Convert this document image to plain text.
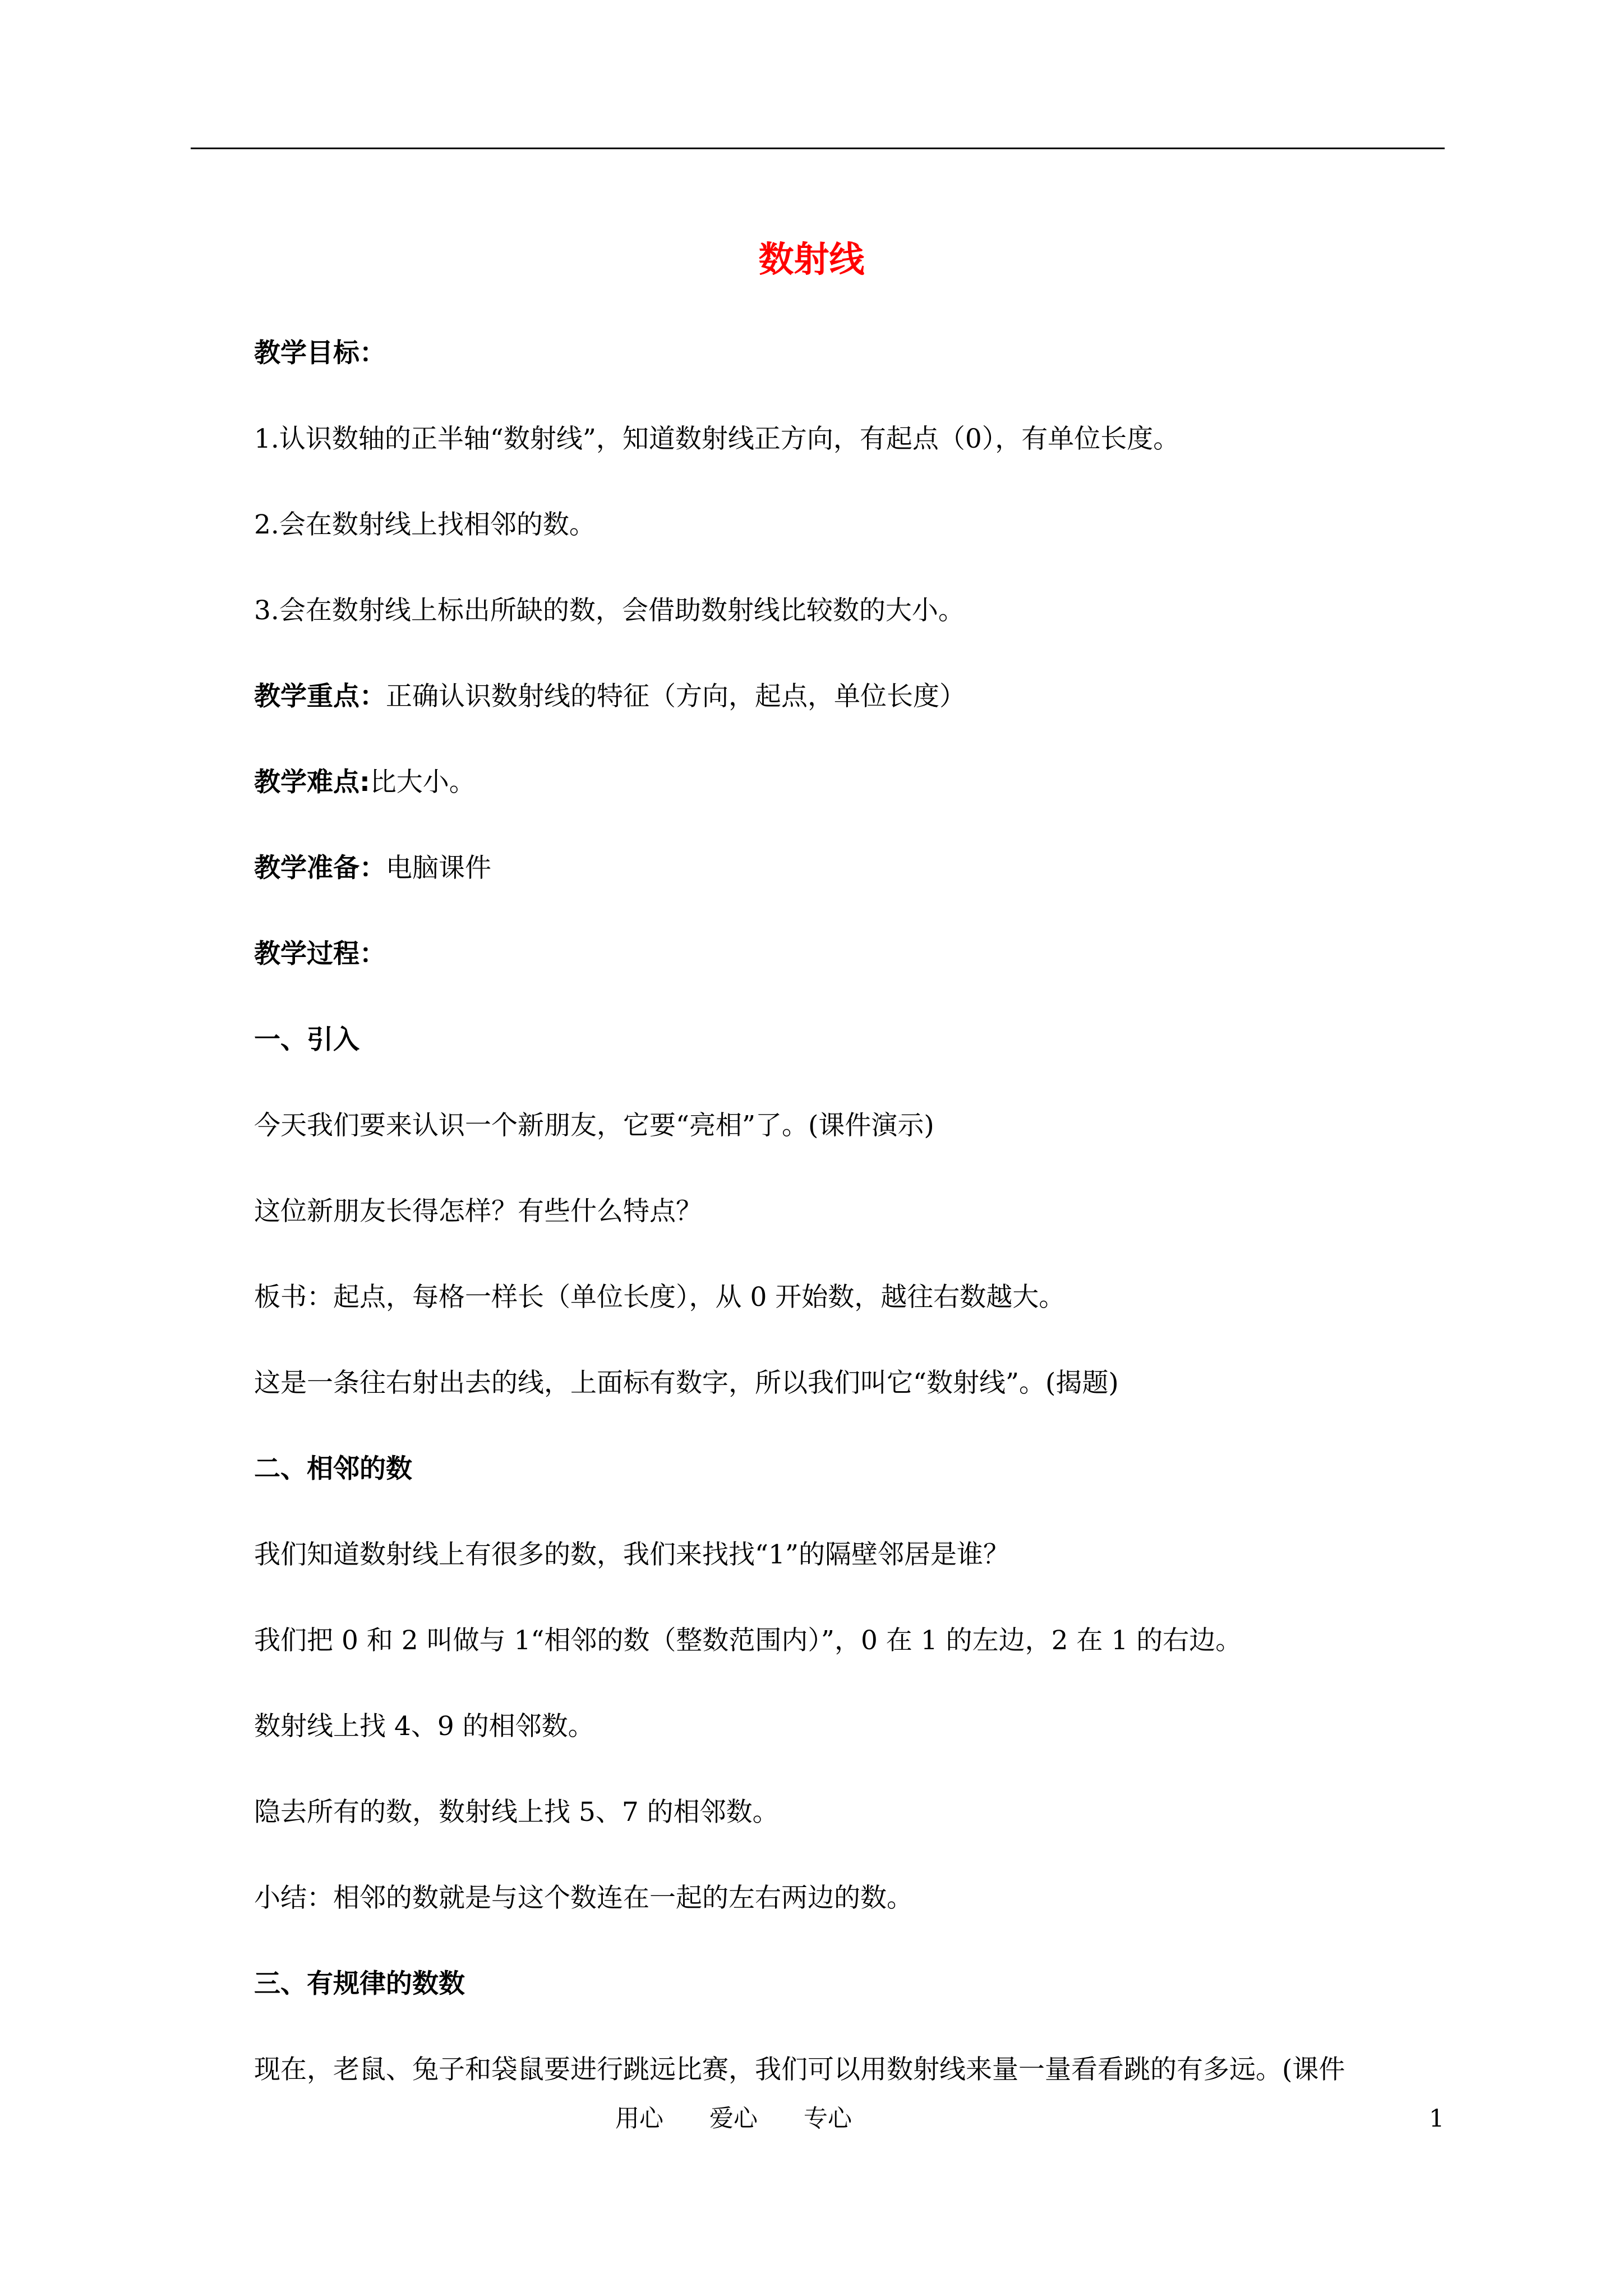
数射线
教学目标：
1.认识数轴的正半轴“数射线”，知道数射线正方向，有起点（0），有单位长度。
2.会在数射线上找相邻的数。
3.会在数射线上标出所缺的数，会借助数射线比较数的大小。
教学重点：正确认识数射线的特征（方向，起点，单位长度）
教学难点:比大小。
教学准备：电脑课件
教学过程：
一、引入
今天我们要来认识一个新朋友，它要“亮相”了。(课件演示)
这位新朋友长得怎样？有些什么特点？
板书：起点，每格一样长（单位长度），从 0 开始数，越往右数越大。
这是一条往右射出去的线，上面标有数字，所以我们叫它“数射线”。(揭题)
二、相邻的数
我们知道数射线上有很多的数，我们来找找“1”的隔壁邻居是谁？
我们把 0 和 2 叫做与 1“相邻的数（整数范围内）”，0 在 1 的左边，2 在 1 的右边。
数射线上找 4、9 的相邻数。
隐去所有的数，数射线上找 5、7 的相邻数。
小结：相邻的数就是与这个数连在一起的左右两边的数。
三、有规律的数数
现在，老鼠、兔子和袋鼠要进行跳远比赛，我们可以用数射线来量一量看看跳的有多远。(课件
用心      爱心      专心	1
